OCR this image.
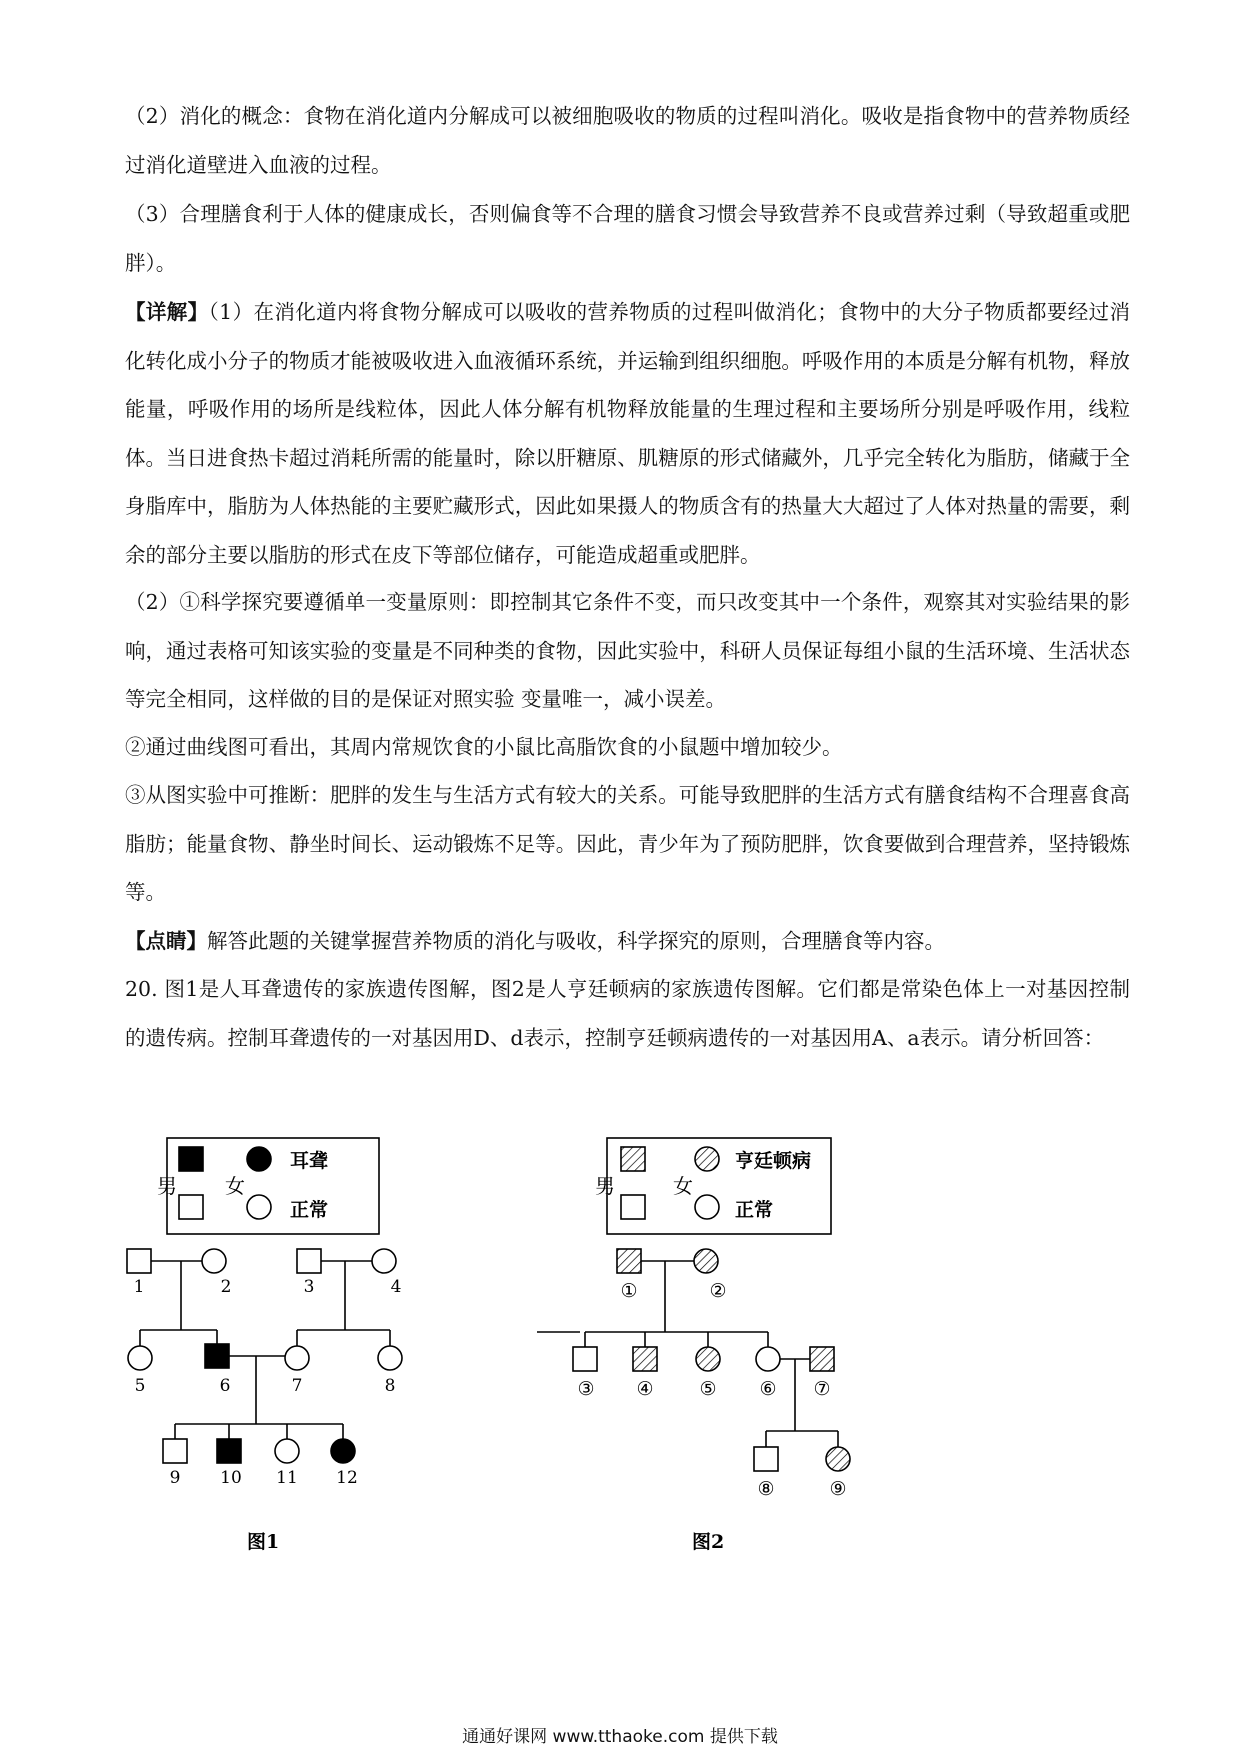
（2）消化的概念：食物在消化道内分解成可以被细胞吸收的物质的过程叫消化。吸收是指食物中的营养物质经过消化道壁进入血液的过程。

（3）合理膳食利于人体的健康成长，否则偏食等不合理的膳食习惯会导致营养不良或营养过剩（导致超重或肥胖）。

【详解】（1）在消化道内将食物分解成可以吸收的营养物质的过程叫做消化；食物中的大分子物质都要经过消化转化成小分子的物质才能被吸收进入血液循环系统，并运输到组织细胞。呼吸作用的本质是分解有机物，释放能量，呼吸作用的场所是线粒体，因此人体分解有机物释放能量的生理过程和主要场所分别是呼吸作用，线粒体。当日进食热卡超过消耗所需的能量时，除以肝糖原、肌糖原的形式储藏外，几乎完全转化为脂肪，储藏于全身脂库中，脂肪为人体热能的主要贮藏形式，因此如果摄人的物质含有的热量大大超过了人体对热量的需要，剩余的部分主要以脂肪的形式在皮下等部位储存，可能造成超重或肥胖。

（2）①科学探究要遵循单一变量原则：即控制其它条件不变，而只改变其中一个条件，观察其对实验结果的影响，通过表格可知该实验的变量是不同种类的食物，因此实验中，科研人员保证每组小鼠的生活环境、生活状态等完全相同，这样做的目的是保证对照实验 变量唯一，减小误差。

②通过曲线图可看出，其周内常规饮食的小鼠比高脂饮食的小鼠题中增加较少。

③从图实验中可推断：肥胖的发生与生活方式有较大的关系。可能导致肥胖的生活方式有膳食结构不合理喜食高脂肪；能量食物、静坐时间长、运动锻炼不足等。因此，青少年为了预防肥胖，饮食要做到合理营养，坚持锻炼等。

【点睛】解答此题的关键掌握营养物质的消化与吸收，科学探究的原则，合理膳食等内容。

20. 图1是人耳聋遗传的家族遗传图解，图2是人亨廷顿病的家族遗传图解。它们都是常染色体上一对基因控制的遗传病。控制耳聋遗传的一对基因用D、d表示，控制亨廷顿病遗传的一对基因用A、a表示。请分析回答：

男 女
耳聋
正常
1	2	3	4
5	6	7	8
9 10 11 12
图1
男	女
亨廷顿病
正常
①	②
③ ④ ⑤ ⑥ ⑦
⑧	⑨
图2
通通好课网 www.tthaoke.com 提供下载
